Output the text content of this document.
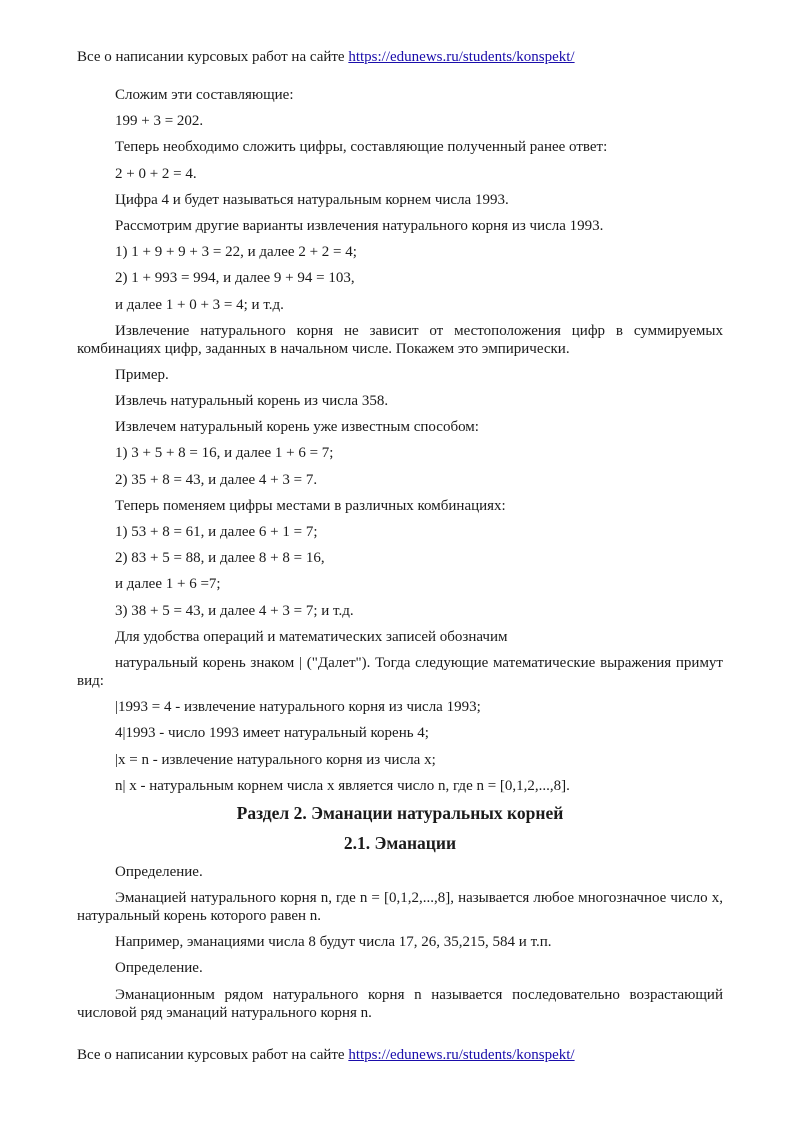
Все о написании курсовых работ на сайте https://edunews.ru/students/konspekt/

Сложим эти составляющие:

199 + 3 = 202.

Теперь необходимо сложить цифры, составляющие полученный ранее ответ:

2 + 0 + 2 = 4.

Цифра 4 и будет называться натуральным корнем числа 1993.

Рассмотрим другие варианты извлечения натурального корня из числа 1993.

1) 1 + 9 + 9 + 3 = 22, и далее 2 + 2 = 4;

2) 1 + 993 = 994, и далее 9 + 94 = 103,

и далее 1 + 0 + 3 = 4; и т.д.

Извлечение натурального корня не зависит от местоположения цифр в суммируемых комбинациях цифр, заданных в начальном числе. Покажем это эмпирически.

Пример.

Извлечь натуральный корень из числа 358.

Извлечем натуральный корень уже известным способом:

1) 3 + 5 + 8 = 16, и далее 1 + 6 = 7;

2) 35 + 8 = 43, и далее 4 + 3 = 7.

Теперь поменяем цифры местами в различных комбинациях:

1) 53 + 8 = 61, и далее 6 + 1 = 7;

2) 83 + 5 = 88, и далее 8 + 8 = 16,

и далее 1 + 6 =7;

3) 38 + 5 = 43, и далее 4 + 3 = 7; и т.д.

Для удобства операций и математических записей обозначим

натуральный корень знаком | ("Далет"). Тогда следующие математические выражения примут вид:

|1993 = 4 - извлечение натурального корня из числа 1993;

4|1993 - число 1993 имеет натуральный корень 4;

|x = n - извлечение натурального корня из числа x;

n| x - натуральным корнем числа x является число n, где n = [0,1,2,...,8].

Раздел 2. Эманации натуральных корней
2.1. Эманации

Определение.

Эманацией натурального корня n, где n = [0,1,2,...,8], называется любое многозначное число x, натуральный корень которого равен n.

Например, эманациями числа 8 будут числа 17, 26, 35,215, 584 и т.п.

Определение.

Эманационным рядом натурального корня n называется последовательно возрастающий числовой ряд эманаций натурального корня n.

Все о написании курсовых работ на сайте https://edunews.ru/students/konspekt/
